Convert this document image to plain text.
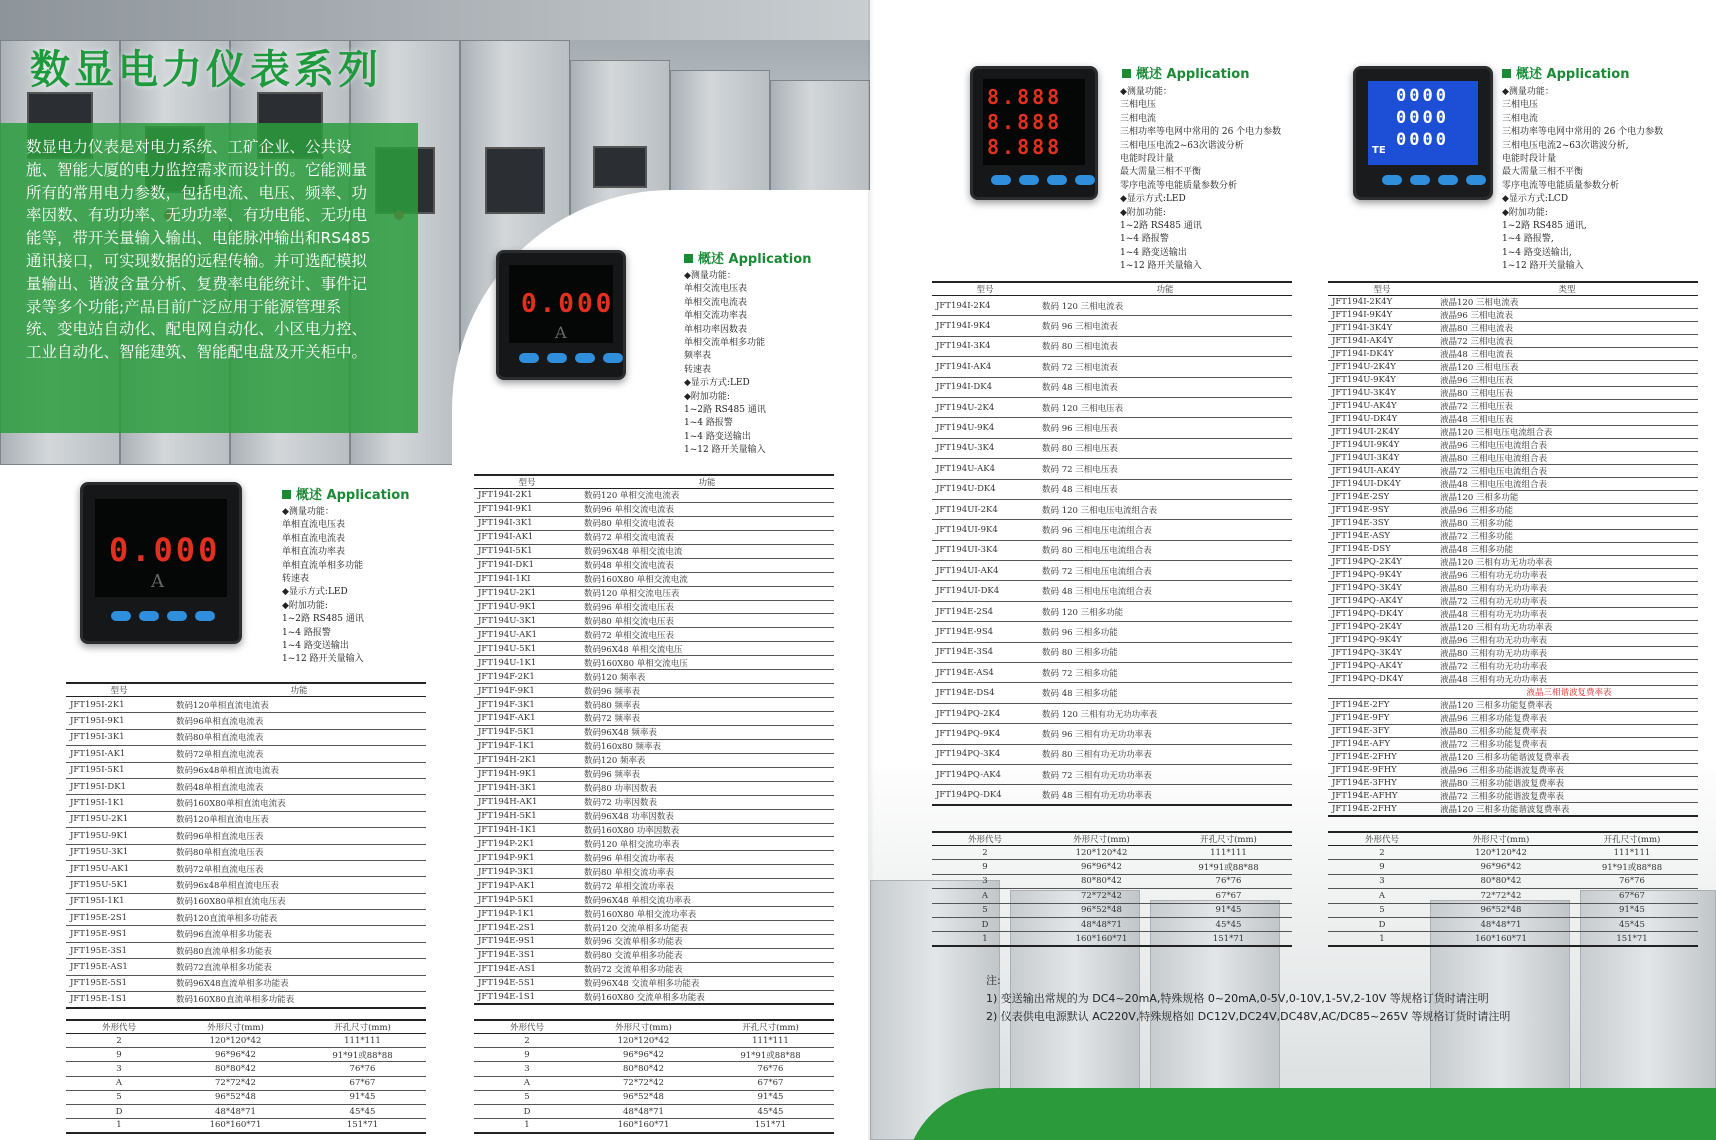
数显电力仪表系列
数显电力仪表是对电力系统、工矿企业、公共设施、智能大厦的电力监控需求而设计的。它能测量所有的常用电力参数，包括电流、电压、频率、功率因数、有功功率、无功功率、有功电能、无功电能等，带开关量输入输出、电能脉冲输出和RS485通讯接口，可实现数据的远程传输。并可选配模拟量输出、谐波含量分析、复费率电能统计、事件记录等多个功能;产品目前广泛应用于能源管理系统、变电站自动化、配电网自动化、小区电力控、工业自动化、智能建筑、智能配电盘及开关柜中。
0.000
A
概述 Application
◆测量功能：
单相交流电压表
单相交流电流表
单相交流功率表
单相功率因数表
单相交流单相多功能
频率表
转速表
◆显示方式:LED
◆附加功能:
1~2路 RS485 通讯
1~4 路报警
1~4 路变送输出
1~12 路开关量输入
0.000
A
概述 Application
◆测量功能：
单相直流电压表
单相直流电流表
单相直流功率表
单相直流单相多功能
转速表
◆显示方式:LED
◆附加功能:
1~2路 RS485 通讯
1~4 路报警
1~4 路变送输出
1~12 路开关量输入
型号	功能
JFT195I-2K1	数码120单相直流电流表
JFT195I-9K1	数码96单相直流电流表
JFT195I-3K1	数码80单相直流电流表
JFT195I-AK1	数码72单相直流电流表
JFT195I-5K1	数码96x48单相直流电流表
JFT195I-DK1	数码48单相直流电流表
JFT195I-1K1	数码160X80单相直流电流表
JFT195U-2K1	数码120单相直流电压表
JFT195U-9K1	数码96单相直流电压表
JFT195U-3K1	数码80单相直流电压表
JFT195U-AK1	数码72单相直流电压表
JFT195U-5K1	数码96x48单相直流电压表
JFT195I-1K1	数码160X80单相直流电压表
JFT195E-2S1	数码120直流单相多功能表
JFT195E-9S1	数码96直流单相多功能表
JFT195E-3S1	数码80直流单相多功能表
JFT195E-AS1	数码72直流单相多功能表
JFT195E-5S1	数码96X48直流单相多功能表
JFT195E-1S1	数码160X80直流单相多功能表
外形代号	外形尺寸(mm)	开孔尺寸(mm)
2	120*120*42	111*111
9	96*96*42	91*91或88*88
3	80*80*42	76*76
A	72*72*42	67*67
5	96*52*48	91*45
D	48*48*71	45*45
1	160*160*71	151*71
型号	功能
JFT194I-2K1	数码120 单相交流电流表
JFT194I-9K1	数码96 单相交流电流表
JFT194I-3K1	数码80 单相交流电流表
JFT194I-AK1	数码72 单相交流电流表
JFT194I-5K1	数码96X48 单相交流电流
JFT194I-DK1	数码48 单相交流电流表
JFT194I-1KI	数码160X80 单相交流电流
JFT194U-2K1	数码120 单相交流电压表
JFT194U-9K1	数码96 单相交流电压表
JFT194U-3K1	数码80 单相交流电压表
JFT194U-AK1	数码72 单相交流电压表
JFT194U-5K1	数码96X48 单相交流电压
JFT194U-1K1	数码160X80 单相交流电压
JFT194F-2K1	数码120 频率表
JFT194F-9K1	数码96 频率表
JFT194F-3K1	数码80 频率表
JFT194F-AK1	数码72 频率表
JFT194F-5K1	数码96X48 频率表
JFT194F-1K1	数码160x80 频率表
JFT194H-2K1	数码120 频率表
JFT194H-9K1	数码96 频率表
JFT194H-3K1	数码80 功率因数表
JFT194H-AK1	数码72 功率因数表
JFT194H-5K1	数码96X48 功率因数表
JFT194H-1K1	数码160X80 功率因数表
JFT194P-2K1	数码120 单相交流功率表
JFT194P-9K1	数码96 单相交流功率表
JFT194P-3K1	数码80 单相交流功率表
JFT194P-AK1	数码72 单相交流功率表
JFT194P-5K1	数码96X48 单相交流功率表
JFT194P-1K1	数码160X80 单相交流功率表
JFT194E-2S1	数码120 交流单相多功能表
JFT194E-9S1	数码96 交流单相多功能表
JFT194E-3S1	数码80 交流单相多功能表
JFT194E-AS1	数码72 交流单相多功能表
JFT194E-5S1	数码96X48 交流单相多功能表
JFT194E-1S1	数码160X80 交流单相多功能表
外形代号	外形尺寸(mm)	开孔尺寸(mm)
2	120*120*42	111*111
9	96*96*42	91*91或88*88
3	80*80*42	76*76
A	72*72*42	67*67
5	96*52*48	91*45
D	48*48*71	45*45
1	160*160*71	151*71
8.888
8.888
8.888
概述 Application
◆测量功能：
三相电压
三相电流
三相功率等电网中常用的 26 个电力参数
三相电压电流2~63次谐波分析
电能时段计量
最大需量三相不平衡
零序电流等电能质量参数分析
◆显示方式:LED
◆附加功能:
1~2路 RS485 通讯
1~4 路报警
1~4 路变送输出
1~12 路开关量输入
0000
0000
0000
TE
概述 Application
◆测量功能：
三相电压
三相电流
三相功率等电网中常用的 26 个电力参数
三相电压电流2~63次谐波分析,
电能时段计量
最大需量三相不平衡
零序电流等电能质量参数分析
◆显示方式:LCD
◆附加功能:
1~2路 RS485 通讯,
1~4 路报警,
1~4 路变送输出,
1~12 路开关量输入
型号	功能
JFT194I-2K4	数码 120 三相电流表
JFT194I-9K4	数码 96 三相电流表
JFT194I-3K4	数码 80 三相电流表
JFT194I-AK4	数码 72 三相电流表
JFT194I-DK4	数码 48 三相电流表
JFT194U-2K4	数码 120 三相电压表
JFT194U-9K4	数码 96 三相电压表
JFT194U-3K4	数码 80 三相电压表
JFT194U-AK4	数码 72 三相电压表
JFT194U-DK4	数码 48 三相电压表
JFT194UI-2K4	数码 120 三相电压电流组合表
JFT194UI-9K4	数码 96 三相电压电流组合表
JFT194UI-3K4	数码 80 三相电压电流组合表
JFT194UI-AK4	数码 72 三相电压电流组合表
JFT194UI-DK4	数码 48 三相电压电流组合表
JFT194E-2S4	数码 120 三相多功能
JFT194E-9S4	数码 96 三相多功能
JFT194E-3S4	数码 80 三相多功能
JFT194E-AS4	数码 72 三相多功能
JFT194E-DS4	数码 48 三相多功能
JFT194PQ-2K4	数码 120 三相有功无功功率表
JFT194PQ-9K4	数码 96 三相有功无功功率表
JFT194PQ-3K4	数码 80 三相有功无功功率表
JFT194PQ-AK4	数码 72 三相有功无功功率表
JFT194PQ-DK4	数码 48 三相有功无功功率表
外形代号	外形尺寸(mm)	开孔尺寸(mm)
2	120*120*42	111*111
9	96*96*42	91*91或88*88
3	80*80*42	76*76
A	72*72*42	67*67
5	96*52*48	91*45
D	48*48*71	45*45
1	160*160*71	151*71
型号	类型
JFT194I-2K4Y	液晶120 三相电流表
JFT194I-9K4Y	液晶96 三相电流表
JFT194I-3K4Y	液晶80 三相电流表
JFT194I-AK4Y	液晶72 三相电流表
JFT194I-DK4Y	液晶48 三相电流表
JFT194U-2K4Y	液晶120 三相电压表
JFT194U-9K4Y	液晶96 三相电压表
JFT194U-3K4Y	液晶80 三相电压表
JFT194U-AK4Y	液晶72 三相电压表
JFT194U-DK4Y	液晶48 三相电压表
JFT194UI-2K4Y	液晶120 三相电压电流组合表
JFT194UI-9K4Y	液晶96 三相电压电流组合表
JFT194UI-3K4Y	液晶80 三相电压电流组合表
JFT194UI-AK4Y	液晶72 三相电压电流组合表
JFT194UI-DK4Y	液晶48 三相电压电流组合表
JFT194E-2SY	液晶120 三相多功能
JFT194E-9SY	液晶96 三相多功能
JFT194E-3SY	液晶80 三相多功能
JFT194E-ASY	液晶72 三相多功能
JFT194E-DSY	液晶48 三相多功能
JFT194PQ-2K4Y	液晶120 三相有功无功功率表
JFT194PQ-9K4Y	液晶96 三相有功无功功率表
JFT194PQ-3K4Y	液晶80 三相有功无功功率表
JFT194PQ-AK4Y	液晶72 三相有功无功功率表
JFT194PQ-DK4Y	液晶48 三相有功无功功率表
JFT194PQ-2K4Y	液晶120 三相有功无功功率表
JFT194PQ-9K4Y	液晶96 三相有功无功功率表
JFT194PQ-3K4Y	液晶80 三相有功无功功率表
JFT194PQ-AK4Y	液晶72 三相有功无功功率表
JFT194PQ-DK4Y	液晶48 三相有功无功功率表
	液晶三相谐波复费率表
JFT194E-2FY	液晶120 三相多功能复费率表
JFT194E-9FY	液晶96 三相多功能复费率表
JFT194E-3FY	液晶80 三相多功能复费率表
JFT194E-AFY	液晶72 三相多功能复费率表
JFT194E-2FHY	液晶120 三相多功能谐波复费率表
JFT194E-9FHY	液晶96 三相多功能谐波复费率表
JFT194E-3FHY	液晶80 三相多功能谐波复费率表
JFT194E-AFHY	液晶72 三相多功能谐波复费率表
JFT194E-2FHY	液晶120 三相多功能谐波复费率表
外形代号	外形尺寸(mm)	开孔尺寸(mm)
2	120*120*42	111*111
9	96*96*42	91*91或88*88
3	80*80*42	76*76
A	72*72*42	67*67
5	96*52*48	91*45
D	48*48*71	45*45
1	160*160*71	151*71
注:
1) 变送输出常规的为 DC4~20mA,特殊规格 0~20mA,0-5V,0-10V,1-5V,2-10V 等规格订货时请注明
2) 仪表供电电源默认 AC220V,特殊规格如 DC12V,DC24V,DC48V,AC/DC85~265V 等规格订货时请注明
